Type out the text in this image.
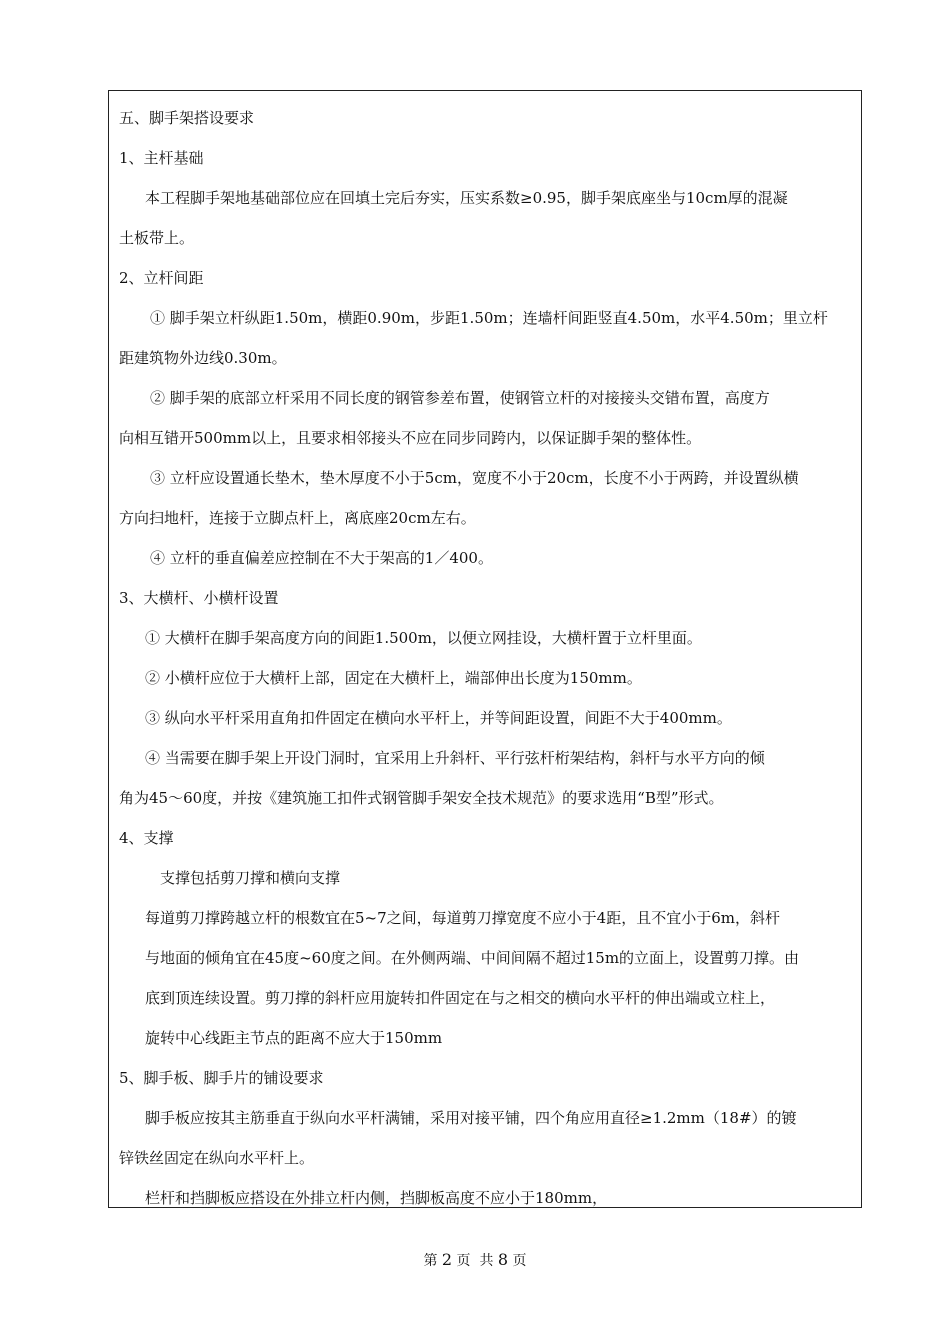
五、脚手架搭设要求
1、主杆基础
本工程脚手架地基础部位应在回填土完后夯实，压实系数≥0.95，脚手架底座坐与10cm厚的混凝
土板带上。
2、立杆间距
① 脚手架立杆纵距1.50m，横距0.90m，步距1.50m；连墙杆间距竖直4.50m，水平4.50m；里立杆
距建筑物外边线0.30m。
② 脚手架的底部立杆采用不同长度的钢管参差布置，使钢管立杆的对接接头交错布置，高度方
向相互错开500mm以上，且要求相邻接头不应在同步同跨内，以保证脚手架的整体性。
③ 立杆应设置通长垫木，垫木厚度不小于5cm，宽度不小于20cm，长度不小于两跨，并设置纵横
方向扫地杆，连接于立脚点杆上，离底座20cm左右。
④ 立杆的垂直偏差应控制在不大于架高的1／400。
3、大横杆、小横杆设置
① 大横杆在脚手架高度方向的间距1.500m，以便立网挂设，大横杆置于立杆里面。
② 小横杆应位于大横杆上部，固定在大横杆上，端部伸出长度为150mm。
③ 纵向水平杆采用直角扣件固定在横向水平杆上，并等间距设置，间距不大于400mm。
④ 当需要在脚手架上开设门洞时，宜采用上升斜杆、平行弦杆桁架结构，斜杆与水平方向的倾
角为45～60度，并按《建筑施工扣件式钢管脚手架安全技术规范》的要求选用“B型”形式。
4、支撑
支撑包括剪刀撑和横向支撑
每道剪刀撑跨越立杆的根数宜在5~7之间，每道剪刀撑宽度不应小于4距，且不宜小于6m，斜杆
与地面的倾角宜在45度~60度之间。在外侧两端、中间间隔不超过15m的立面上，设置剪刀撑。由
底到顶连续设置。剪刀撑的斜杆应用旋转扣件固定在与之相交的横向水平杆的伸出端或立柱上，
旋转中心线距主节点的距离不应大于150mm
5、脚手板、脚手片的铺设要求
脚手板应按其主筋垂直于纵向水平杆满铺，采用对接平铺，四个角应用直径≥1.2mm（18#）的镀
锌铁丝固定在纵向水平杆上。
栏杆和挡脚板应搭设在外排立杆内侧，挡脚板高度不应小于180mm，
第 2 页  共 8 页
